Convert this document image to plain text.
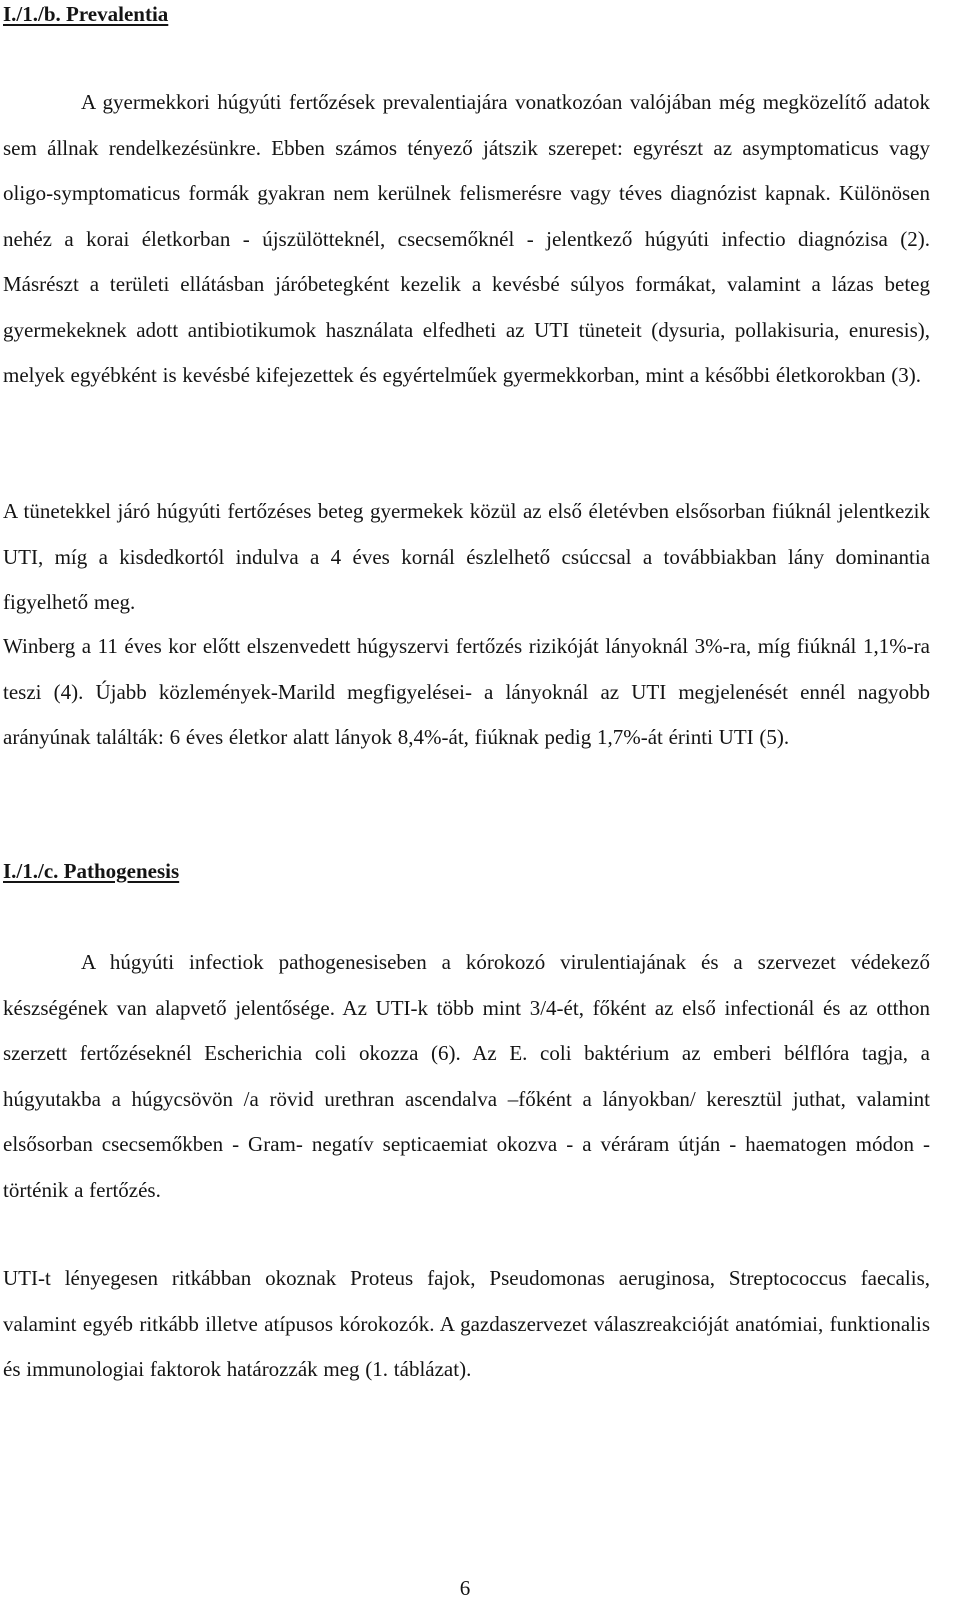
I./1./b. Prevalentia

A gyermekkori húgyúti fertőzések prevalentiajára vonatkozóan valójában még megközelítő adatok sem állnak rendelkezésünkre. Ebben számos tényező játszik szerepet: egyrészt az asymptomaticus vagy oligo-symptomaticus formák gyakran nem kerülnek felismerésre vagy téves diagnózist kapnak. Különösen nehéz a korai életkorban - újszülötteknél, csecsemőknél - jelentkező húgyúti infectio diagnózisa (2). Másrészt a területi ellátásban járóbetegként kezelik a kevésbé súlyos formákat, valamint a lázas beteg gyermekeknek adott antibiotikumok használata elfedheti az UTI tüneteit (dysuria, pollakisuria, enuresis), melyek egyébként is kevésbé kifejezettek és egyértelműek gyermekkorban, mint a későbbi életkorokban (3).

A tünetekkel járó húgyúti fertőzéses beteg gyermekek közül az első életévben elsősorban fiúknál jelentkezik UTI, míg a kisdedkortól indulva a 4 éves kornál észlelhető csúccsal a továbbiakban lány dominantia figyelhető meg.

Winberg a 11 éves kor előtt elszenvedett húgyszervi fertőzés rizikóját lányoknál 3%-ra, míg fiúknál 1,1%-ra teszi (4). Újabb közlemények-Marild megfigyelései- a lányoknál az UTI megjelenését ennél nagyobb arányúnak találták: 6 éves életkor alatt lányok 8,4%-át, fiúknak pedig 1,7%-át érinti UTI (5).

I./1./c. Pathogenesis

A húgyúti infectiok pathogenesiseben a kórokozó virulentiajának és a szervezet védekező készségének van alapvető jelentősége. Az UTI-k több mint 3/4-ét, főként az első infectionál és az otthon szerzett fertőzéseknél Escherichia coli okozza (6). Az E. coli baktérium az emberi bélflóra tagja, a húgyutakba a húgycsövön /a rövid urethran ascendalva –főként a lányokban/ keresztül juthat, valamint elsősorban csecsemőkben - Gram- negatív septicaemiat okozva - a véráram útján - haematogen módon - történik a fertőzés.

UTI-t lényegesen ritkábban okoznak Proteus fajok, Pseudomonas aeruginosa, Streptococcus faecalis, valamint egyéb ritkább illetve atípusos kórokozók. A gazdaszervezet válaszreakcióját anatómiai, funktionalis és immunologiai faktorok határozzák meg (1. táblázat).

6
